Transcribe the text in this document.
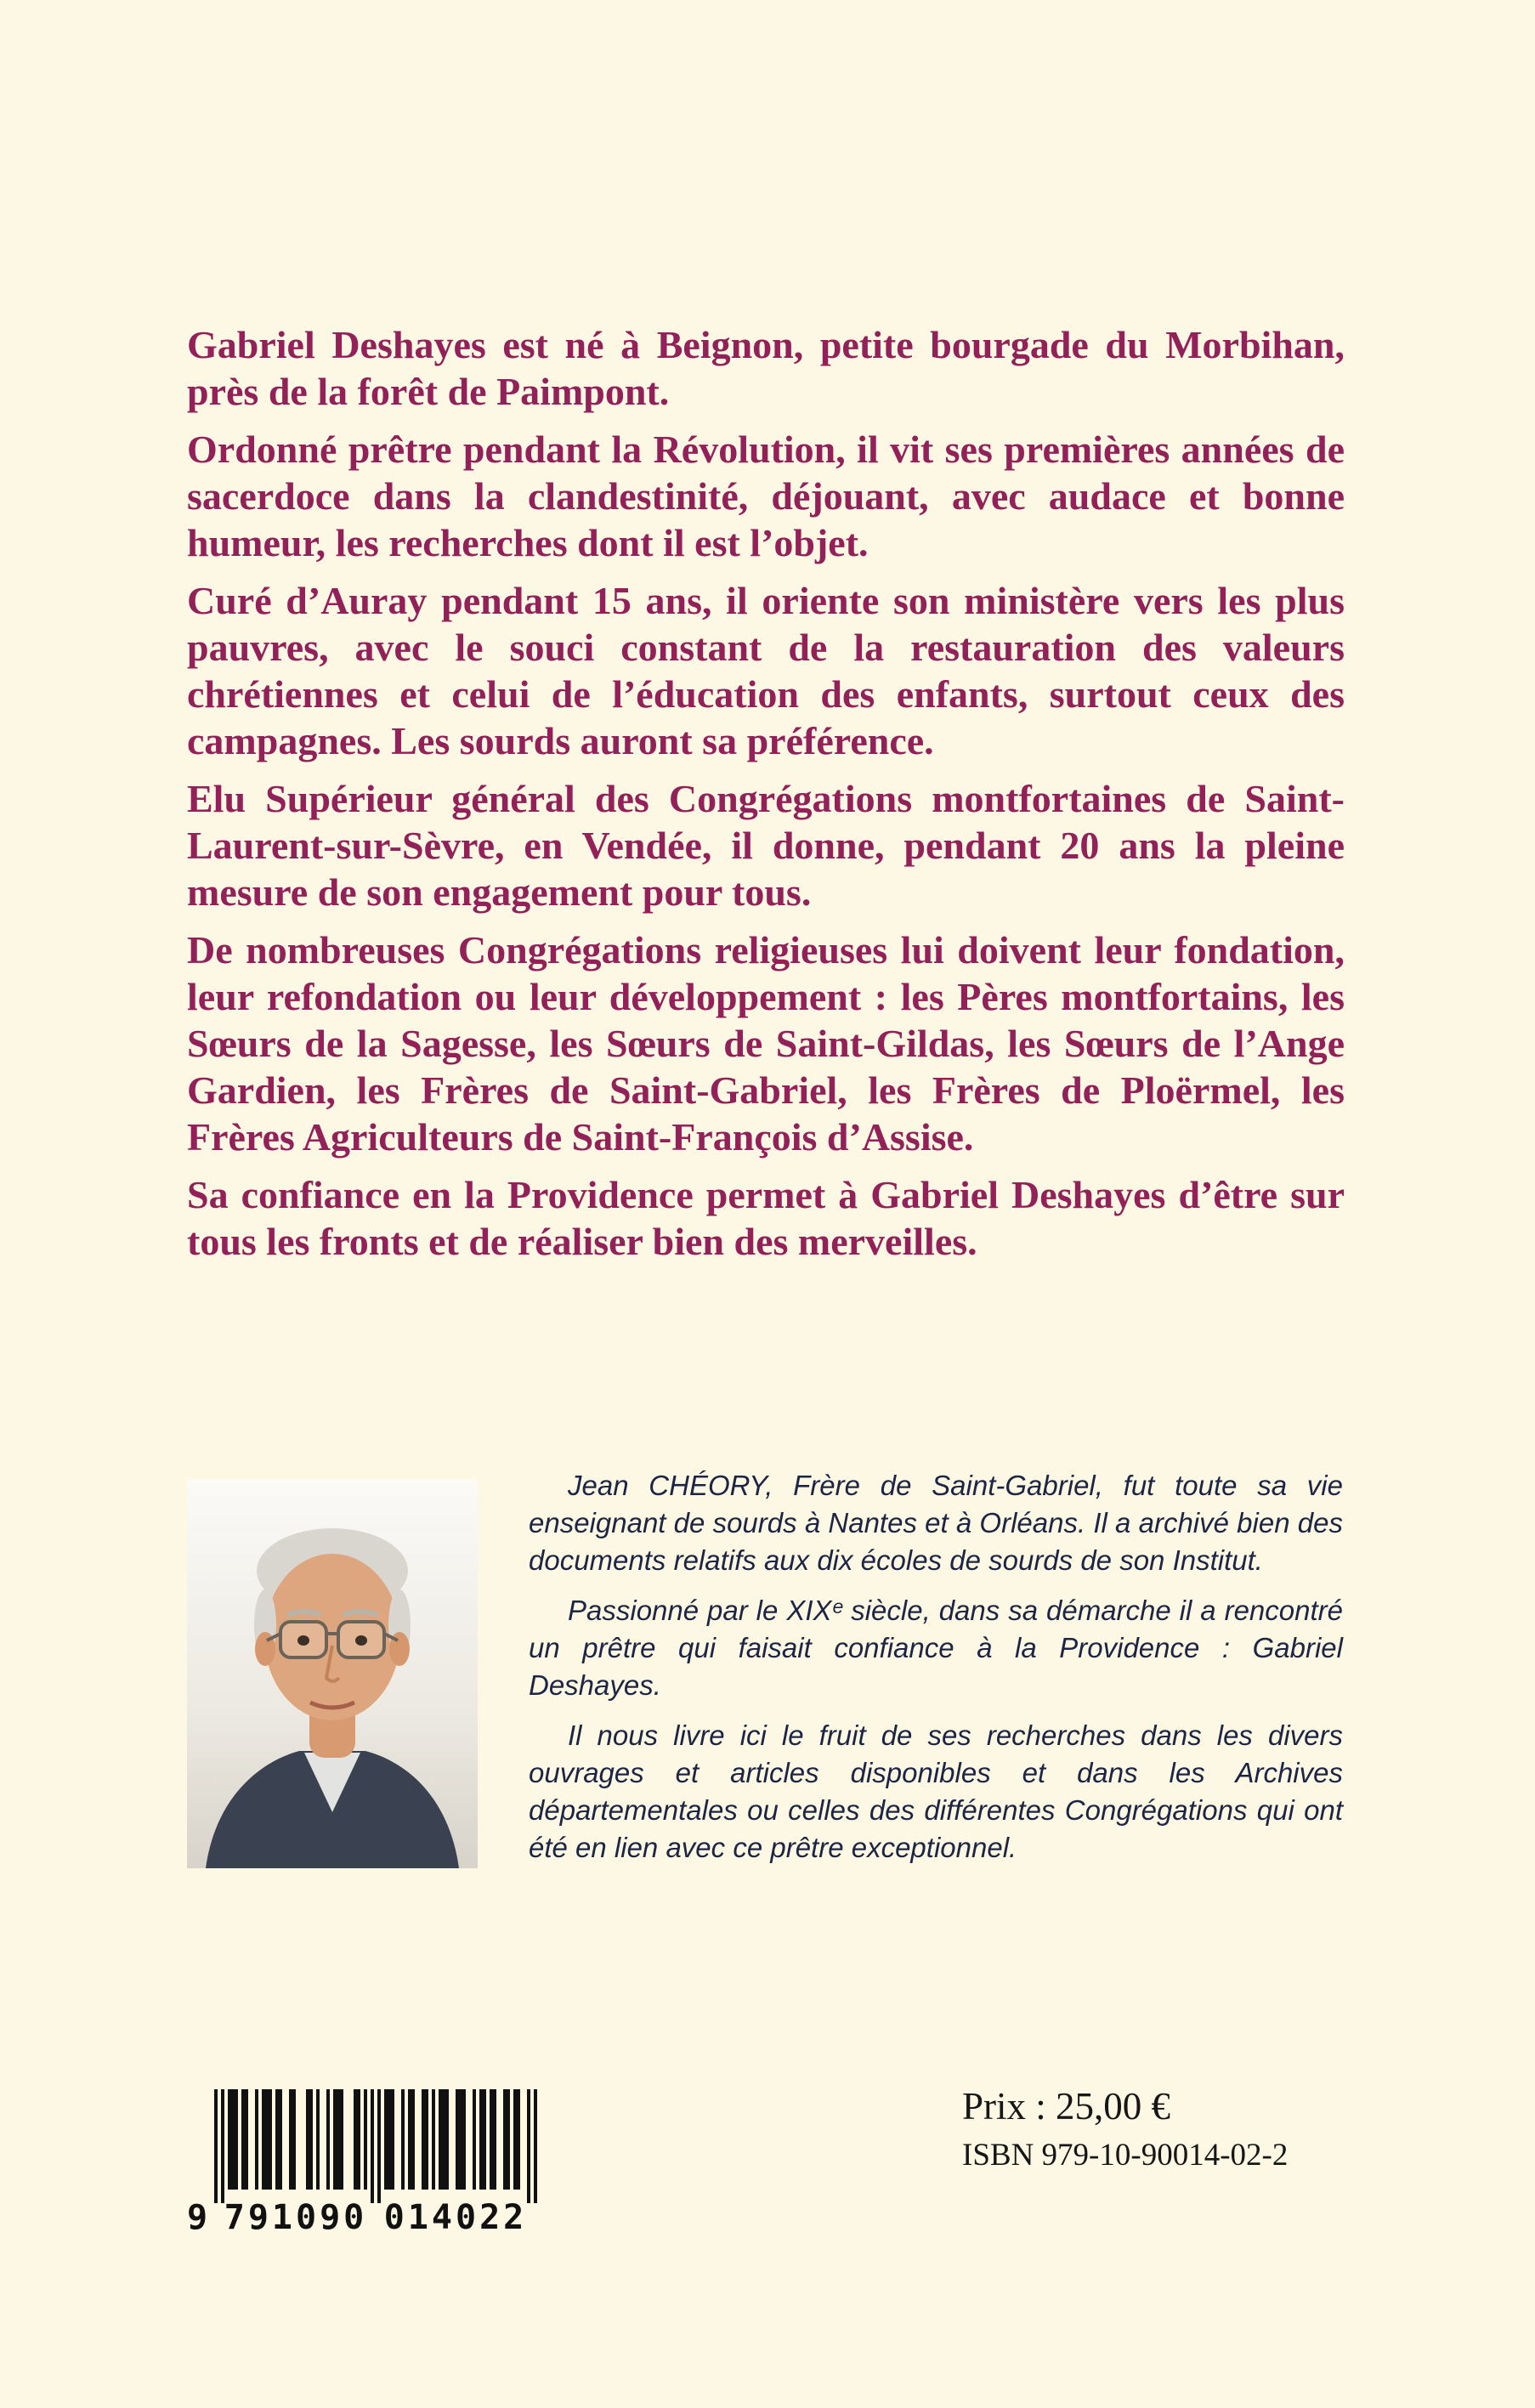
Gabriel Deshayes est né à Beignon, petite bourgade du Morbihan, près de la forêt de Paimpont.

Ordonné prêtre pendant la Révolution, il vit ses premières années de sacerdoce dans la clandestinité, déjouant, avec audace et bonne humeur, les recherches dont il est l’objet.

Curé d’Auray pendant 15 ans, il oriente son ministère vers les plus pauvres, avec le souci constant de la restauration des valeurs chrétiennes et celui de l’éducation des enfants, surtout ceux des campagnes. Les sourds auront sa préférence.

Elu Supérieur général des Congrégations montfortaines de Saint-Laurent-sur-Sèvre, en Vendée, il donne, pendant 20 ans la pleine mesure de son engagement pour tous.

De nombreuses Congrégations religieuses lui doivent leur fondation, leur refondation ou leur développement : les Pères montfortains, les Sœurs de la Sagesse, les Sœurs de Saint-Gildas, les Sœurs de l’Ange Gardien, les Frères de Saint-Gabriel, les Frères de Ploërmel, les Frères Agriculteurs de Saint-François d’Assise.

Sa confiance en la Providence permet à Gabriel Deshayes d’être sur tous les fronts et de réaliser bien des merveilles.

Jean CHÉORY, Frère de Saint-Gabriel, fut toute sa vie enseignant de sourds à Nantes et à Orléans. Il a archivé bien des documents relatifs aux dix écoles de sourds de son Institut.

Passionné par le XIXᵉ siècle, dans sa démarche il a rencontré un prêtre qui faisait confiance à la Providence : Gabriel Deshayes.

Il nous livre ici le fruit de ses recherches dans les divers ouvrages et articles disponibles et dans les Archives départementales ou celles des différentes Congrégations qui ont été en lien avec ce prêtre exceptionnel.

9 791090 014022
Prix : 25,00 €
ISBN 979-10-90014-02-2
